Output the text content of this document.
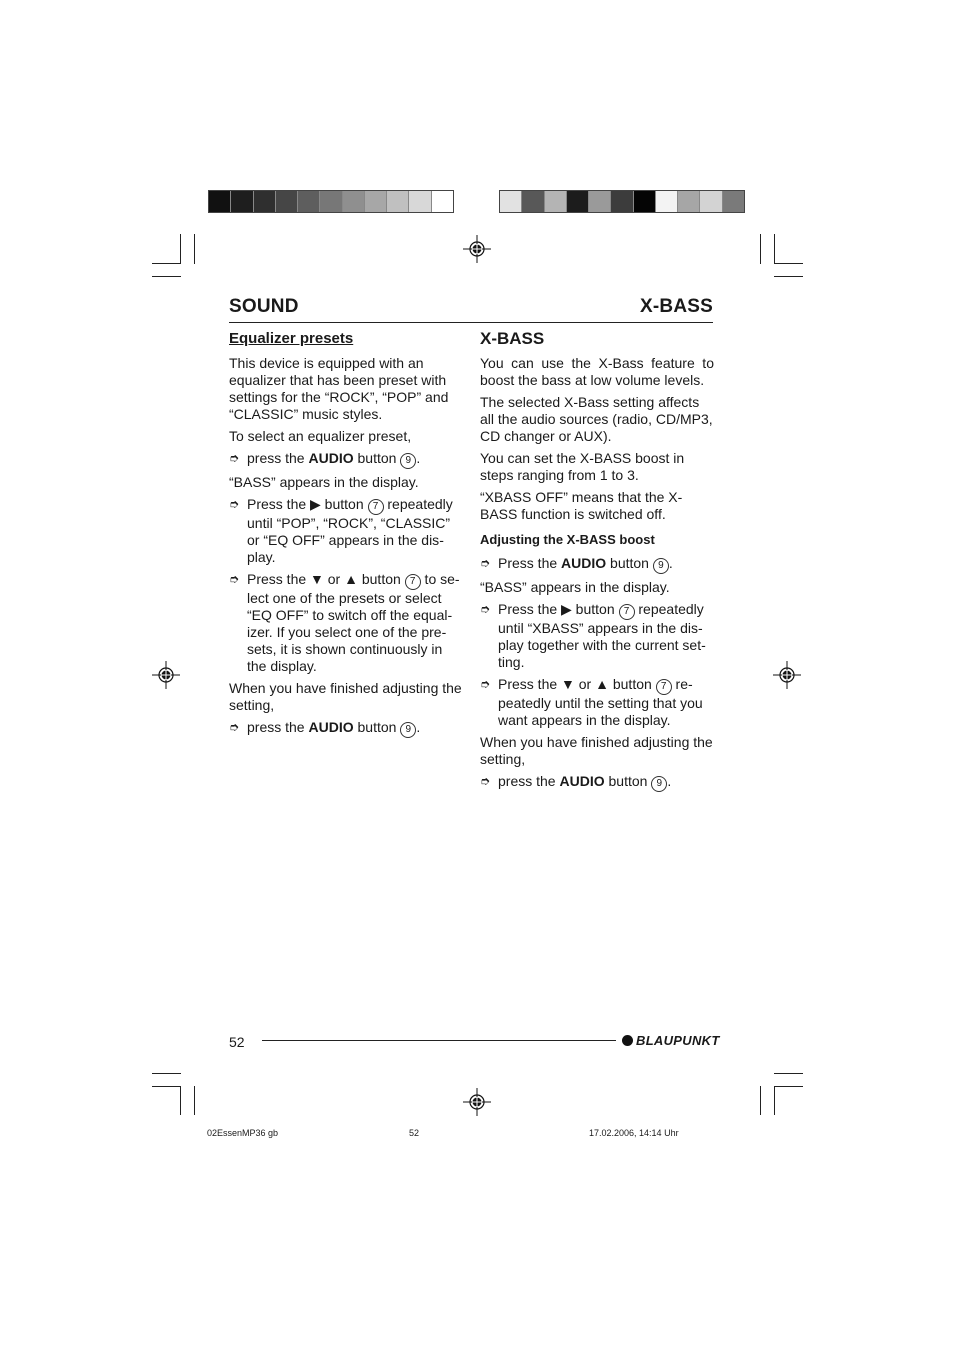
SOUND	X-BASS
Equalizer presets

This device is equipped with an equalizer that has been preset with settings for the “ROCK”, “POP” and “CLASSIC” music styles.

To select an equalizer preset,

➮ press the AUDIO button 9 .

“BASS” appears in the display.

➮ Press the ▶ button 7 repeatedly until “POP”, “ROCK”, “CLASSIC” or “EQ OFF” appears in the display.
➮ Press the ▼ or ▲ button 7 to select one of the presets or select “EQ OFF” to switch off the equalizer. If you select one of the presets, it is shown continuously in the display.

When you have finished adjusting the setting,

➮ press the AUDIO button 9 .
X-BASS

You can use the X-Bass feature to boost the bass at low volume levels.

The selected X-Bass setting affects all the audio sources (radio, CD/MP3, CD changer or AUX).

You can set the X-BASS boost in steps ranging from 1 to 3.

“XBASS OFF” means that the X-BASS function is switched off.

Adjusting the X-BASS boost
➮ Press the AUDIO button 9 .

“BASS” appears in the display.

➮ Press the ▶ button 7 repeatedly until “XBASS” appears in the display together with the current setting.
➮ Press the ▼ or ▲ button 7 repeatedly until the setting that you want appears in the display.

When you have finished adjusting the setting,

➮ press the AUDIO button 9 .
52	BLAUPUNKT
02EssenMP36 gb	52	17.02.2006, 14:14 Uhr
